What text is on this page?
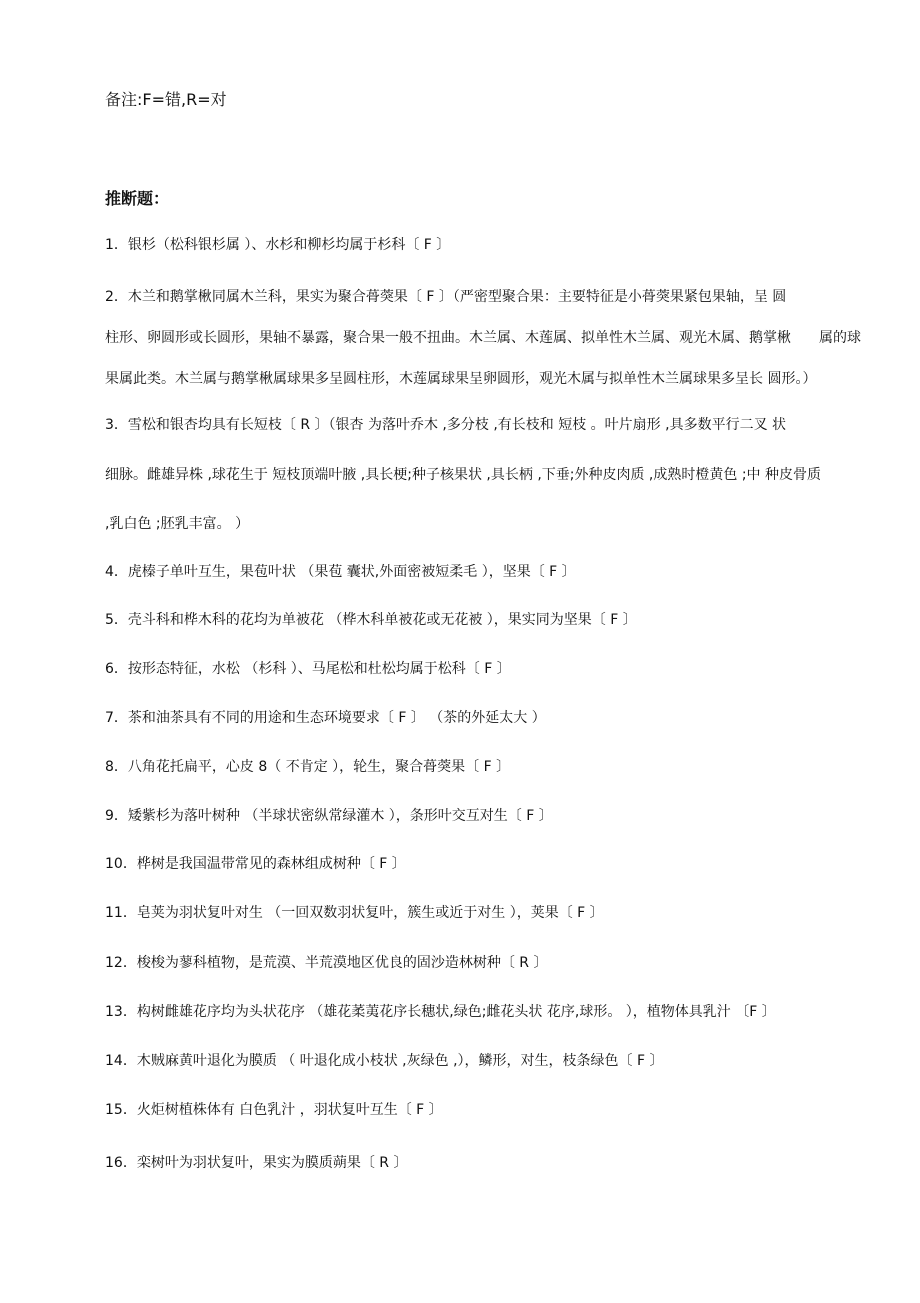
备注:F=错,R=对
推断题：
1．银杉（松科银杉属 ）、水杉和柳杉均属于杉科〔 F 〕
2．木兰和鹅掌楸同属木兰科，果实为聚合蓇葖果〔 F 〕（严密型聚合果：主要特征是小蓇葖果紧包果轴，呈 圆
柱形、卵圆形或长圆形，果轴不暴露，聚合果一般不扭曲。木兰属、木莲属、拟单性木兰属、观光木属、鹅掌楸　　属的球
果属此类。木兰属与鹅掌楸属球果多呈圆柱形，木莲属球果呈卵圆形，观光木属与拟单性木兰属球果多呈长 圆形。）
3．雪松和银杏均具有长短枝〔 R 〕（银杏 为落叶乔木 ,多分枝 ,有长枝和 短枝 。叶片扇形 ,具多数平行二叉 状
细脉。雌雄异株 ,球花生于 短枝顶端叶腋 ,具长梗;种子核果状 ,具长柄 ,下垂;外种皮肉质 ,成熟时橙黄色 ;中 种皮骨质
,乳白色 ;胚乳丰富。 ）
4．虎榛子单叶互生，果苞叶状 （果苞 囊状,外面密被短柔毛 ），坚果〔 F 〕
5．壳斗科和桦木科的花均为单被花 （桦木科单被花或无花被 ），果实同为坚果〔 F 〕
6．按形态特征，水松 （杉科 ）、马尾松和杜松均属于松科〔 F 〕
7．茶和油茶具有不同的用途和生态环境要求〔 F 〕 （茶的外延太大 ）
8．八角花托扁平，心皮 8（ 不肯定 ），轮生，聚合蓇葖果〔 F 〕
9．矮紫杉为落叶树种 （半球状密纵常绿灌木 ），条形叶交互对生〔 F 〕
10．桦树是我国温带常见的森林组成树种〔 F 〕
11．皂荚为羽状复叶对生 （一回双数羽状复叶，簇生或近于对生 ），荚果〔 F 〕
12．梭梭为蓼科植物，是荒漠、半荒漠地区优良的固沙造林树种〔 R 〕
13．构树雌雄花序均为头状花序 （雄花葇荑花序长穗状,绿色;雌花头状 花序,球形。 ），植物体具乳汁 〔F 〕
14．木贼麻黄叶退化为膜质 （ 叶退化成小枝状 ,灰绿色 ,），鳞形，对生，枝条绿色〔 F 〕
15．火炬树植株体有 白色乳汁 ，羽状复叶互生〔 F 〕
16．栾树叶为羽状复叶，果实为膜质蒴果〔 R 〕
